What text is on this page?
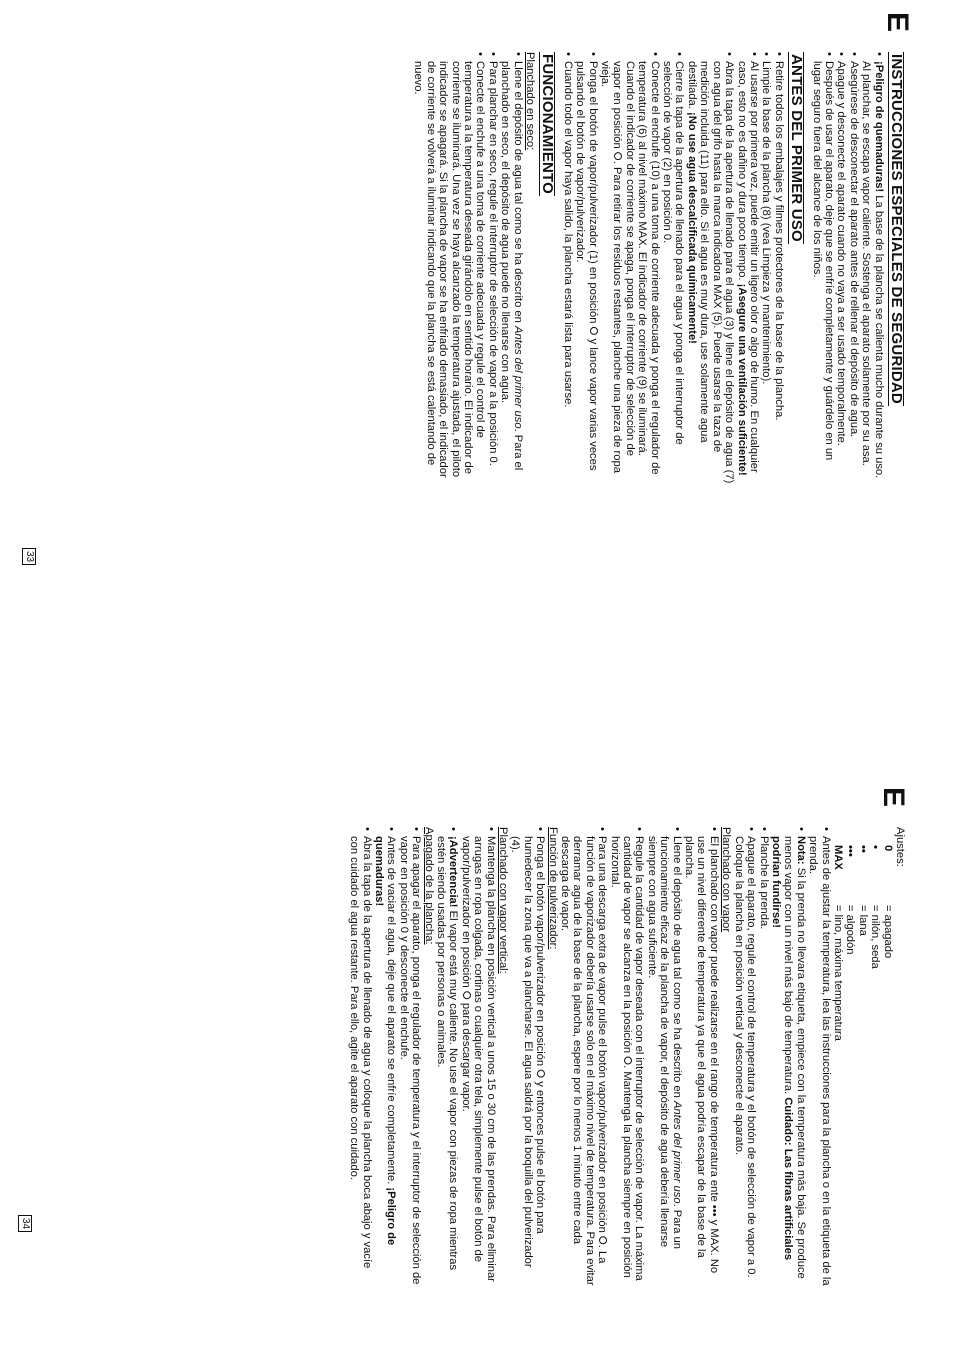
E
INSTRUCCIONES ESPECIALES DE SEGURIDAD

• ¡Peligro de quemaduras! La base de la plancha se calienta mucho durante su uso. Al planchar, se escapa vapor caliente. Sostenga el aparato solamente por su asa.

• Asegúrese de desconectar el aparato antes de rellenar el depósito de agua.

• Apague y desconecte el aparato cuando no vaya a ser usado temporalmente.

• Después de usar el aparato, deje que se enfríe completamente y guárdelo en un lugar seguro fuera del alcance de los niños.

ANTES DEL PRIMER USO

• Retire todos los embalajes y filmes protectores de la base de la plancha.

• Limpie la base de la plancha (8) (vea Limpieza y mantenimiento).

• Al usarse por primera vez, puede emitir un ligero olor o algo de humo. En cualquier caso, esto no es dañino y dura poco tiempo. ¡Asegure una ventilación suficiente!

• Abra la tapa de la apertura de llenado para el agua (3) y llene el depósito de agua (7) con agua del grifo hasta la marca indicadora MAX (5). Puede usarse la taza de medición incluida (11) para ello. Si el agua es muy dura, use solamente agua destilada. ¡No use agua descalcificada químicamente!

• Cierre la tapa de la apertura de llenado para el agua y ponga el interruptor de selección de vapor (2) en posición 0.

• Conecte el enchufe (10) a una toma de corriente adecuada y ponga el regulador de temperatura (6) al nivel máximo MAX. El indicador de corriente (9) se iluminará. Cuando el indicador de corriente se apaga, ponga el interruptor de selección de vapor en posición ⭘. Para retirar los residuos restantes, planche una pieza de ropa vieja.

• Ponga el botón de vapor/pulverizador (1) en posición ⭘ y lance vapor varias veces pulsando el botón de vapor/pulverizador.

• Cuando todo el vapor haya salido, la plancha estará lista para usarse.

FUNCIONAMIENTO

Planchado en seco:

• Llene el depósito de agua tal como se ha descrito en Antes del primer uso. Para el planchado en seco, el depósito de agua puede no llenarse con agua.

• Para planchar en seco, regule el interruptor de selección de vapor a la posición 0.

• Conecte el enchufe a una toma de corriente adecuada y regule el control de temperatura a la temperatura deseada girándolo en sentido horario. El indicador de corriente se iluminará. Una vez se haya alcanzado la temperatura ajustada, el piloto indicador se apagará. Si la plancha de vapor se ha enfriado demasiado, el indicador de corriente se volverá a iluminar indicando que la plancha se está calentando de nuevo.

33
E

Ajustes:

0
= apagado
•
= nilón, seda
••
= lana
•••
= algodón
MAX
= lino, máxima temperatura

• Antes de ajustar la temperatura, lea las instrucciones para la plancha o en la etiqueta de la prenda.

• Nota: Si la prenda no llevara etiqueta, empiece con la temperatura más baja. Se produce menos vapor con un nivel más bajo de temperatura. Cuidado: Las fibras artificiales podrían fundirse!

• Planche la prenda.

• Apague el aparato, regule el control de temperatura y el botón de selección de vapor a 0. Coloque la plancha en posición vertical y desconecte el aparato.

Planchado con vapor

• El planchado con vapor puede realizarse en el rango de temperatura ente ••• y MAX. No use un nivel diferente de temperatura ya que el agua podría escapar de la base de la plancha.

• Llene el depósito de agua tal como se ha descrito en Antes del primer uso. Para un funcionamiento eficaz de la plancha de vapor, el depósito de agua debería llenarse siempre con agua suficiente.

• Regule la cantidad de vapor deseada con el interruptor de selección de vapor. La máxima cantidad de vapor se alcanza en la posición ⭘. Mantenga la plancha siempre en posición horizontal.

• Para una descarga extra de vapor pulse el botón vapor/pulverizador en posición ⭘. La función de vaporizador debería usarse solo en el máximo nivel de temperatura. Para evitar derramar agua de la base de la plancha, espere por lo menos 1 minuto entre cada descarga de vapor.

Función de pulverizador:

• Ponga el botón vapor/pulverizador en posición ⭘ y entonces pulse el botón para humedecer la zona que va a plancharse. El agua saldrá por la boquilla del pulverizador (4).

Planchado con vapor vertical:

• Mantenga la plancha en posición vertical a unos 15 o 30 cm de las prendas. Para eliminar arrugas en ropa colgada, cortinas o cualquier otra tela, simplemente pulse el botón de vapor/pulverizador en posición ⭘ para descargar vapor.

• ¡Advertencia! El vapor está muy caliente. No use el vapor con piezas de ropa mientras estén siendo usadas por personas o animales.

Apagado de la plancha:

• Para apagar el aparato, ponga el regulador de temperatura y el interruptor de selección de vapor en posición 0 y desconecte el enchufe.

• Antes de vaciar el agua, deje que el aparato se enfríe completamente. ¡Peligro de quemaduras!

• Abra la tapa de la apertura de llenado de agua y coloque la plancha boca abajo y vacíe con cuidado el agua restante. Para ello, agite el aparato con cuidado.

34
